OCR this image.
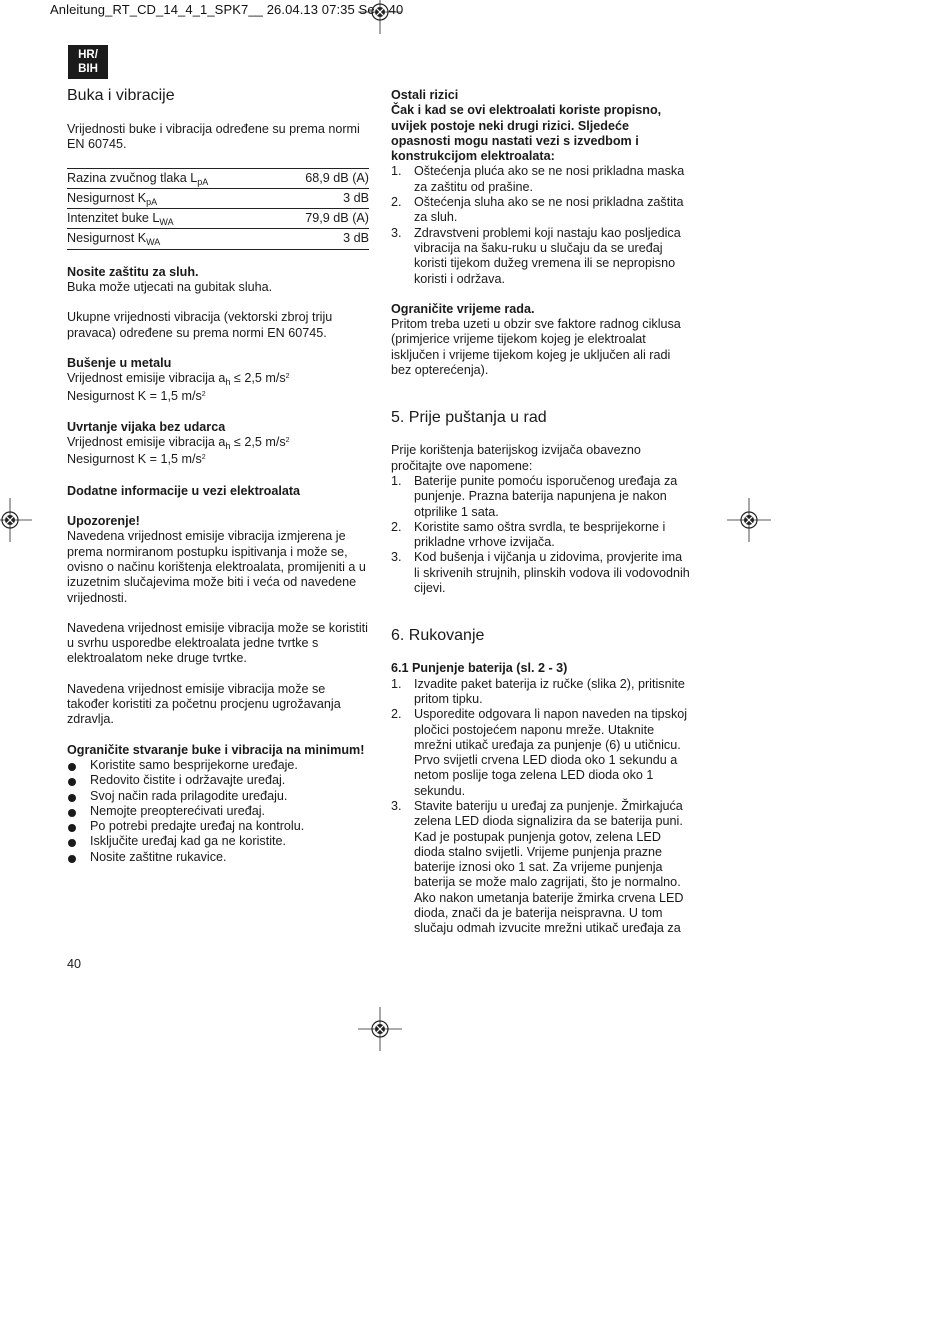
Anleitung_RT_CD_14_4_1_SPK7__ 26.04.13 07:35 Se 40
HR/
BIH
Buka i vibracije

Vrijednosti buke i vibracija određene su prema normi EN 60745.

Razina zvučnog tlaka $L_{pA}$	68,9 dB (A)
Nesigurnost $K_{pA}$	3 dB
Intenzitet buke $L_{WA}$	79,9 dB (A)
Nesigurnost $K_{WA}$	3 dB

Nosite zaštitu za sluh.

Buka može utjecati na gubitak sluha.

Ukupne vrijednosti vibracija (vektorski zbroj triju pravaca) određene su prema normi EN 60745.

Bušenje u metalu

Vrijednost emisije vibracija $a_h \le 2,5$ $m/s^2$

Nesigurnost K = 1,5 $m/s^2$

Uvrtanje vijaka bez udarca

Vrijednost emisije vibracija $a_h \le 2,5$ $m/s^2$

Nesigurnost K = 1,5 $m/s^2$

Dodatne informacije u vezi elektroalata

Upozorenje!

Navedena vrijednost emisije vibracija izmjerena je prema normiranom postupku ispitivanja i može se, ovisno o načinu korištenja elektroalata, promijeniti a u izuzetnim slučajevima može biti i veća od navedene vrijednosti.

Navedena vrijednost emisije vibracija može se koristiti u svrhu usporedbe elektroalata jedne tvrtke s elektroalatom neke druge tvrtke.

Navedena vrijednost emisije vibracija može se također koristiti za početnu procjenu ugrožavanja zdravlja.

Ograničite stvaranje buke i vibracija na minimum!

Koristite samo besprijekorne uređaje.
Redovito čistite i održavajte uređaj.
Svoj način rada prilagodite uređaju.
Nemojte preopterećivati uređaj.
Po potrebi predajte uređaj na kontrolu.
Isključite uređaj kad ga ne koristite.
Nosite zaštitne rukavice.

Ostali rizici

Čak i kad se ovi elektroalati koriste propisno, uvijek postoje neki drugi rizici. Sljedeće opasnosti mogu nastati vezi s izvedbom i konstrukcijom elektroalata:

1. Oštećenja pluća ako se ne nosi prikladna maska za zaštitu od prašine.
2. Oštećenja sluha ako se ne nosi prikladna zaštita za sluh.
3. Zdravstveni problemi koji nastaju kao posljedica vibracija na šaku-ruku u slučaju da se uređaj koristi tijekom dužeg vremena ili se nepropisno koristi i održava.

Ograničite vrijeme rada.

Pritom treba uzeti u obzir sve faktore radnog ciklusa (primjerice vrijeme tijekom kojeg je elektroalat isključen i vrijeme tijekom kojeg je uključen ali radi bez opterećenja).

5. Prije puštanja u rad

Prije korištenja baterijskog izvijača obavezno pročitajte ove napomene:

1. Baterije punite pomoću isporučenog uređaja za punjenje. Prazna baterija napunjena je nakon otprilike 1 sata.
2. Koristite samo oštra svrdla, te besprijekorne i prikladne vrhove izvijača.
3. Kod bušenja i vijčanja u zidovima, provjerite ima li skrivenih strujnih, plinskih vodova ili vodovodnih cijevi.
6. Rukovanje

6.1 Punjenje baterija (sl. 2 - 3)

1. Izvadite paket baterija iz ručke (slika 2), pritisnite pritom tipku.
2. Usporedite odgovara li napon naveden na tipskoj pločici postojećem naponu mreže. Utaknite mrežni utikač uređaja za punjenje (6) u utičnicu. Prvo svijetli crvena LED dioda oko 1 sekundu a netom poslije toga zelena LED dioda oko 1 sekundu.
3. Stavite bateriju u uređaj za punjenje. Žmirkajuća zelena LED dioda signalizira da se baterija puni. Kad je postupak punjenja gotov, zelena LED dioda stalno svijetli. Vrijeme punjenja prazne baterije iznosi oko 1 sat. Za vrijeme punjenja baterija se može malo zagrijati, što je normalno. Ako nakon umetanja baterije žmirka crvena LED dioda, znači da je baterija neispravna. U tom slučaju odmah izvucite mrežni utikač uređaja za
40
